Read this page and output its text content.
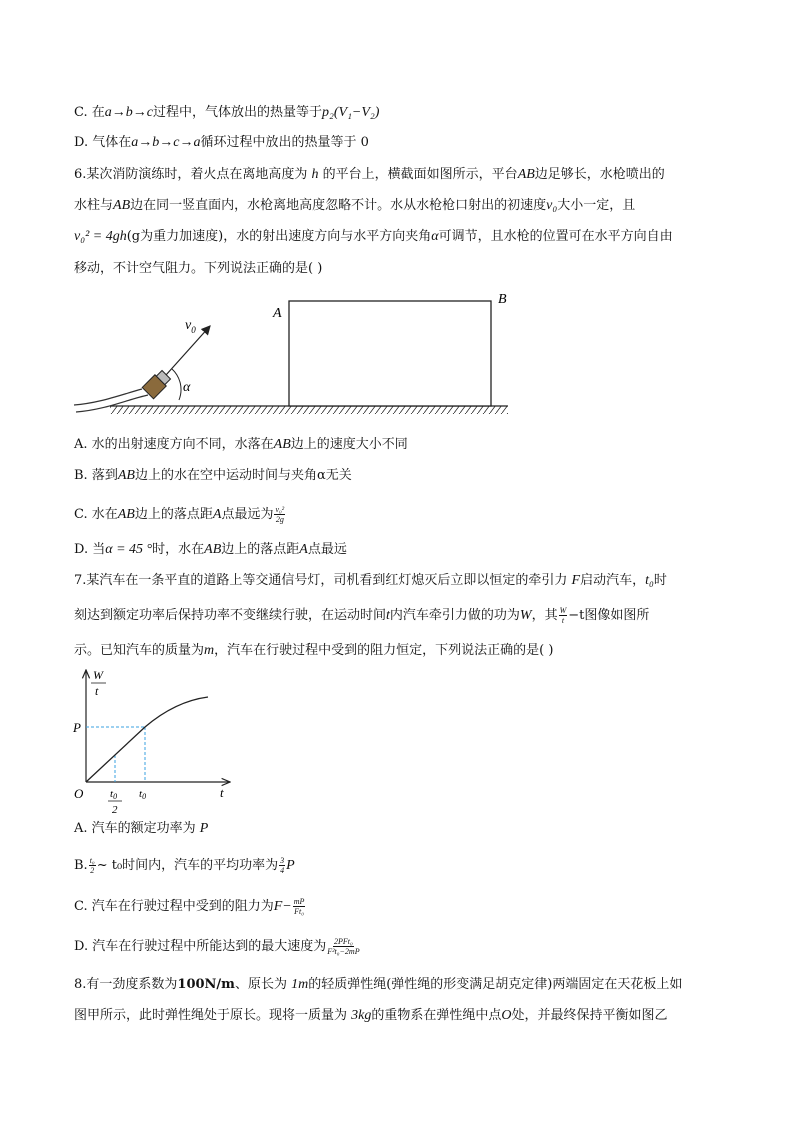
C. 在a→b→c过程中，气体放出的热量等于p₂(V₁−V₂)
D. 气体在a→b→c→a循环过程中放出的热量等于 0
6.某次消防演练时，着火点在离地高度为 h 的平台上，横截面如图所示，平台AB边足够长，水枪喷出的
水柱与AB边在同一竖直面内，水枪离地高度忽略不计。水从水枪枪口射出的初速度v₀大小一定，且
v₀² = 4gh(g为重力加速度)，水的射出速度方向与水平方向夹角α可调节，且水枪的位置可在水平方向自由
移动，不计空气阻力。下列说法正确的是( )
A
B
$v_0$
α
A. 水的出射速度方向不同，水落在AB边上的速度大小不同
B. 落到AB边上的水在空中运动时间与夹角α无关
C. 水在AB边上的落点距A点最远为 $\frac{\text{v₀²}}{2g}$
D. 当α = 45 °时，水在AB边上的落点距A点最远
7.某汽车在一条平直的道路上等交通信号灯，司机看到红灯熄灭后立即以恒定的牵引力 F启动汽车，t₀时
刻达到额定功率后保持功率不变继续行驶，在运动时间t内汽车牵引力做的功为W，其 $\frac{W}{t} -t$图像如图所
示。已知汽车的质量为m，汽车在行驶过程中受到的阻力恒定，下列说法正确的是( )
W t
P
O t0 2
t0	t
A. 汽车的额定功率为 P
B. $\frac{\text{t₀}}{2}$ ~ t₀时间内，汽车的平均功率为 $\frac{3}{4}$ P
C. 汽车在行驶过程中受到的阻力为$F- \frac{mP}{\text{Ft₀}}$
D. 汽车在行驶过程中所能达到的最大速度为 $\frac{\text{2PFt₀}}{\text{F²t₀−2mP}}$
8.有一劲度系数为100N/m、原长为 1m的轻质弹性绳(弹性绳的形变满足胡克定律)两端固定在天花板上如
图甲所示，此时弹性绳处于原长。现将一质量为 3kg的重物系在弹性绳中点O处，并最终保持平衡如图乙
